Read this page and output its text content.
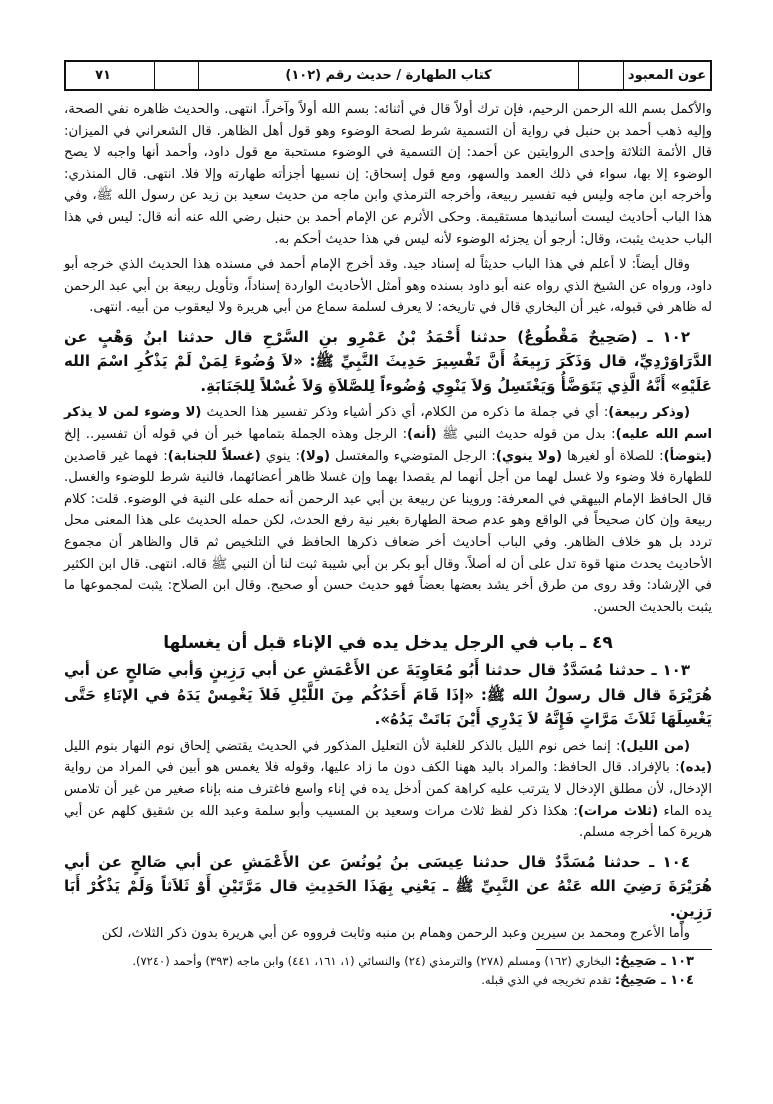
عون المعبود
كتاب الطهارة / حديث رقم (١٠٢)
٧١

والأكمل بسم الله الرحمن الرحيم، فإن ترك أولاً قال في أثنائه: بسم الله أولاً وآخراً. انتهى. والحديث ظاهره نفي الصحة، وإليه ذهب أحمد بن حنبل في رواية أن التسمية شرط لصحة الوضوء وهو قول أهل الظاهر. قال الشعراني في الميزان: قال الأئمة الثلاثة وإحدى الروايتين عن أحمد: إن التسمية في الوضوء مستحبة مع قول داود، وأحمد أنها واجبه لا يصح الوضوء إلا بها، سواء في ذلك العمد والسهو، ومع قول إسحاق: إن نسيها أجزأته طهارته وإلا فلا. انتهى. قال المنذري: وأخرجه ابن ماجه وليس فيه تفسير ربيعة، وأخرجه الترمذي وابن ماجه من حديث سعيد بن زيد عن رسول الله ﷺ، وفي هذا الباب أحاديث ليست أسانيدها مستقيمة. وحكى الأثرم عن الإمام أحمد بن حنبل رضي الله عنه أنه قال: ليس في هذا الباب حديث يثبت، وقال: أرجو أن يجزئه الوضوء لأنه ليس في هذا حديث أحكم به.

وقال أيضاً: لا أعلم في هذا الباب حديثاً له إسناد جيد. وقد أخرج الإمام أحمد في مسنده هذا الحديث الذي خرجه أبو داود، ورواه عن الشيخ الذي رواه عنه أبو داود بسنده وهو أمثل الأحاديث الواردة إسناداً، وتأويل ربيعة بن أبي عبد الرحمن له ظاهر في قبوله، غير أن البخاري قال في تاريخه: لا يعرف لسلمة سماع من أبي هريرة ولا ليعقوب من أبيه. انتهى.

١٠٢ ـ (صَحِيحٌ مَقْطُوعٌ) حدثنا أَحْمَدُ بْنُ عَمْرِو بنِ السَّرْحِ قال حدثنا ابنُ وَهْبٍ عن الدَّرَاوَرْدِيِّ، قال وَذَكَرَ رَبِيعَةُ أَنَّ تَفْسِيرَ حَدِيثَ النَّبِيِّ ﷺ: «لاَ وُضُوءَ لِمَنْ لَمْ يَذْكُرِ اسْمَ الله عَلَيْهِ» أَنَّهُ الَّذِي يَتَوَضَّأُ وَيَغْتَسِلُ وَلاَ يَنْوِي وُضُوءاً لِلصَّلاَةِ وَلاَ غُسْلاً لِلجَنَابَةِ.

(وذكر ربيعة): أي في جملة ما ذكره من الكلام، أي ذكر أشياء وذكر تفسير هذا الحديث (لا وضوء لمن لا يذكر اسم الله عليه): بدل من قوله حديث النبي ﷺ (أنه): الرجل وهذه الجملة بتمامها خبر أن في قوله أن تفسير.. إلخ (يتوضأ): للصلاة أو لغيرها (ولا ينوي): الرجل المتوضيء والمغتسل (ولا): ينوي (غسلاً للجنابة): فهما غير قاصدين للطهارة فلا وضوء ولا غسل لهما من أجل أنهما لم يقصدا بهما وإن غسلا ظاهر أعضائهما، فالنية شرط للوضوء والغسل. قال الحافظ الإمام البيهقي في المعرفة: وروينا عن ربيعة بن أبي عبد الرحمن أنه حمله على النية في الوضوء. قلت: كلام ربيعة وإن كان صحيحاً في الواقع وهو عدم صحة الطهارة بغير نية رفع الحدث، لكن حمله الحديث على هذا المعنى محل تردد بل هو خلاف الظاهر. وفي الباب أحاديث أخر ضعاف ذكرها الحافظ في التلخيص ثم قال والظاهر أن مجموع الأحاديث يحدث منها قوة تدل على أن له أصلاً. وقال أبو بكر بن أبي شيبة ثبت لنا أن النبي ﷺ قاله. انتهى. قال ابن الكثير في الإرشاد: وقد روى من طرق أخر يشد بعضها بعضاً فهو حديث حسن أو صحيح. وقال ابن الصلاح: يثبت لمجموعها ما يثبت بالحديث الحسن.

٤٩ ـ باب في الرجل يدخل يده في الإناء قبل أن يغسلها

١٠٣ ـ حدثنا مُسَدَّدٌ قال حدثنا أَبُو مُعَاوِيَةَ عن الأَعْمَشِ عن أبي رَزِينٍ وَأبي صَالحٍ عن أبي هُرَيْرَةَ قال قال رسولُ الله ﷺ: «إذَا قَامَ أَحَدُكُم مِنَ اللَّيْلِ فَلاَ يَغْمِسْ يَدَهُ في الإنَاءِ حَتَّى يَغْسِلَهَا ثَلاَثَ مَرَّاتٍ فَإِنَّهُ لاَ يَدْرِي أَيْنَ بَاتَتْ يَدُهُ».

(من الليل): إنما خص نوم الليل بالذكر للغلبة لأن التعليل المذكور في الحديث يقتضي إلحاق نوم النهار بنوم الليل (يده): بالإفراد. قال الحافظ: والمراد باليد ههنا الكف دون ما زاد عليها، وقوله فلا يغمس هو أبين في المراد من رواية الإدخال، لأن مطلق الإدخال لا يترتب عليه كراهة كمن أدخل يده في إناء واسع فاغترف منه بإناء صغير من غير أن تلامس يده الماء (ثلاث مرات): هكذا ذكر لفظ ثلاث مرات وسعيد بن المسيب وأبو سلمة وعبد الله بن شقيق كلهم عن أبي هريرة كما أخرجه مسلم.

١٠٤ ـ حدثنا مُسَدَّدٌ قال حدثنا عِيسَى بنُ يُونُسَ عن الأَعْمَشِ عن أبي صَالحٍ عن أبي هُرَيْرَةَ رَضِيَ الله عَنْهُ عن النَّبِيِّ ﷺ ـ يَعْنِي بِهَذَا الحَدِيثِ قال مَرَّتَيْنِ أَوْ ثَلاَثاً وَلَمْ يَذْكُرْ أَبَا رَزِينٍ.

وأما الأعرج ومحمد بن سيرين وعبد الرحمن وهمام بن منبه وثابت فرووه عن أبي هريرة بدون ذكر الثلاث، لكن

١٠٣ ـ صَحِيحٌ: البخاري (١٦٢) ومسلم (٢٧٨) والترمذي (٢٤) والنسائي (١، ١٦١، ٤٤١) وابن ماجه (٣٩٣) وأحمد (٧٢٤٠).
١٠٤ ـ صَحِيحٌ: تقدم تخريجه في الذي قبله.
